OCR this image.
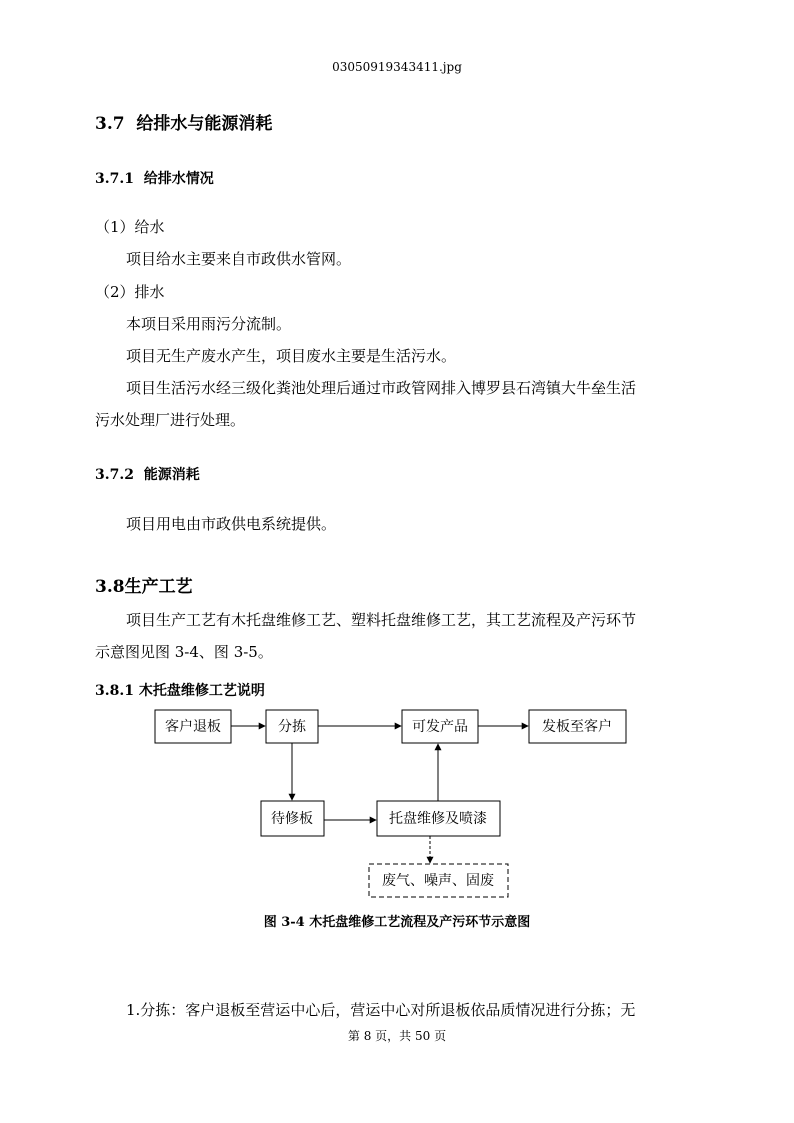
03050919343411.jpg
3.7 给排水与能源消耗
3.7.1 给排水情况
（1）给水
项目给水主要来自市政供水管网。
（2）排水
本项目采用雨污分流制。
项目无生产废水产生，项目废水主要是生活污水。
项目生活污水经三级化粪池处理后通过市政管网排入博罗县石湾镇大牛垒生活
污水处理厂进行处理。
3.7.2 能源消耗
项目用电由市政供电系统提供。
3.8生产工艺
项目生产工艺有木托盘维修工艺、塑料托盘维修工艺，其工艺流程及产污环节
示意图见图 3-4、图 3-5。
3.8.1 木托盘维修工艺说明
客户退板	分拣	可发产品	发板至客户
待修板	托盘维修及喷漆
废气、噪声、固废
图 3-4 木托盘维修工艺流程及产污环节示意图
1.分拣：客户退板至营运中心后，营运中心对所退板依品质情况进行分拣；无
第 8 页，共 50 页
